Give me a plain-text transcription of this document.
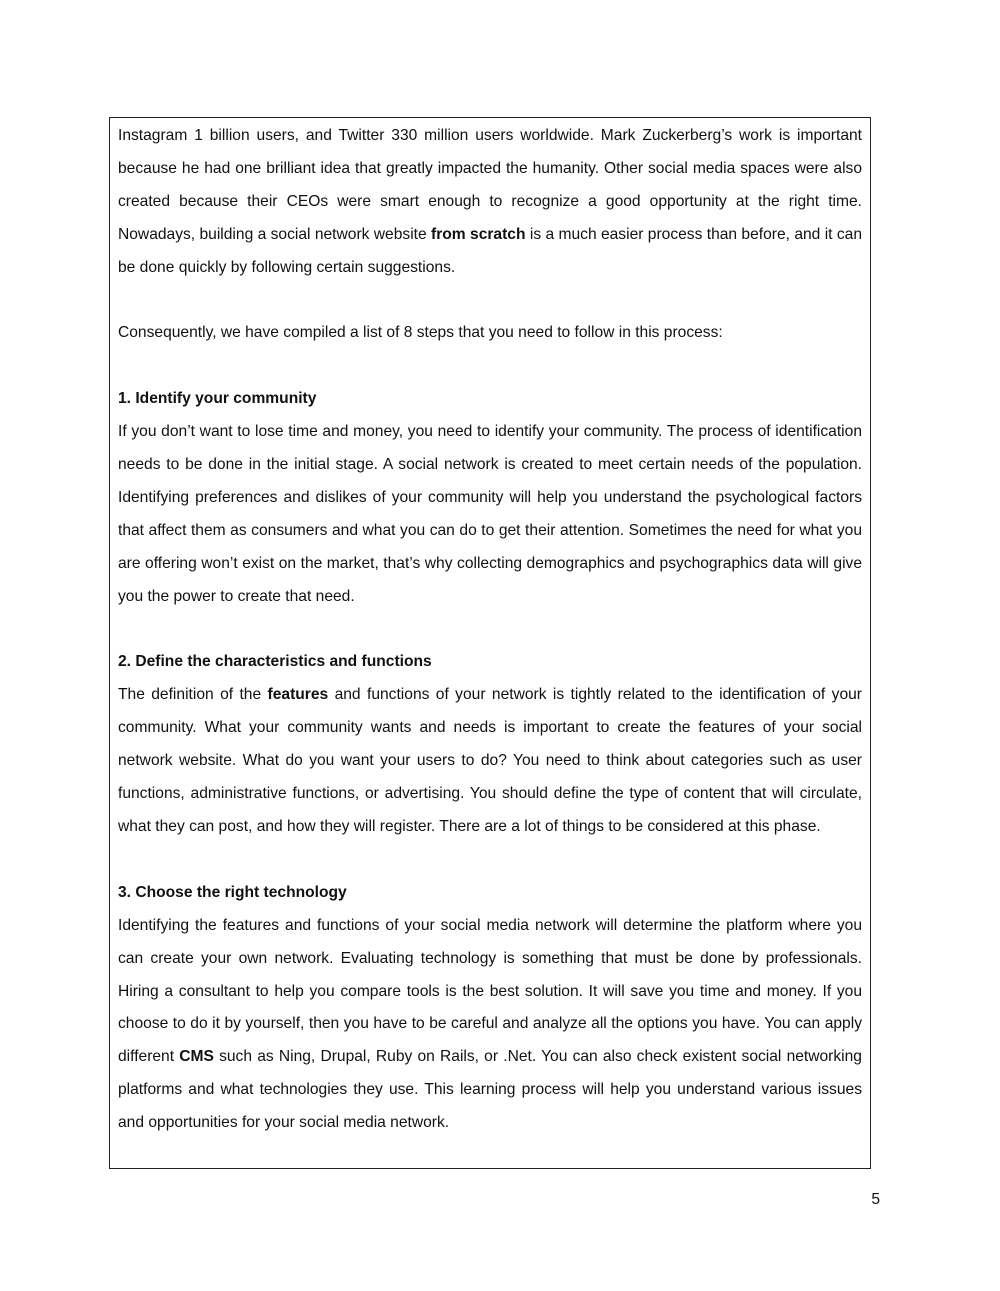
Instagram 1 billion users, and Twitter 330 million users worldwide. Mark Zuckerberg’s work is important because he had one brilliant idea that greatly impacted the humanity. Other social media spaces were also created because their CEOs were smart enough to recognize a good opportunity at the right time. Nowadays, building a social network website from scratch is a much easier process than before, and it can be done quickly by following certain suggestions.

Consequently, we have compiled a list of 8 steps that you need to follow in this process:

1. Identify your community

If you don’t want to lose time and money, you need to identify your community. The process of identification needs to be done in the initial stage. A social network is created to meet certain needs of the population. Identifying preferences and dislikes of your community will help you understand the psychological factors that affect them as consumers and what you can do to get their attention. Sometimes the need for what you are offering won’t exist on the market, that’s why collecting demographics and psychographics data will give you the power to create that need.

2. Define the characteristics and functions

The definition of the features and functions of your network is tightly related to the identification of your community. What your community wants and needs is important to create the features of your social network website. What do you want your users to do? You need to think about categories such as user functions, administrative functions, or advertising. You should define the type of content that will circulate, what they can post, and how they will register. There are a lot of things to be considered at this phase.

3. Choose the right technology

Identifying the features and functions of your social media network will determine the platform where you can create your own network. Evaluating technology is something that must be done by professionals. Hiring a consultant to help you compare tools is the best solution. It will save you time and money. If you choose to do it by yourself, then you have to be careful and analyze all the options you have. You can apply different CMS such as Ning, Drupal, Ruby on Rails, or .Net. You can also check existent social networking platforms and what technologies they use. This learning process will help you understand various issues and opportunities for your social media network.

5
